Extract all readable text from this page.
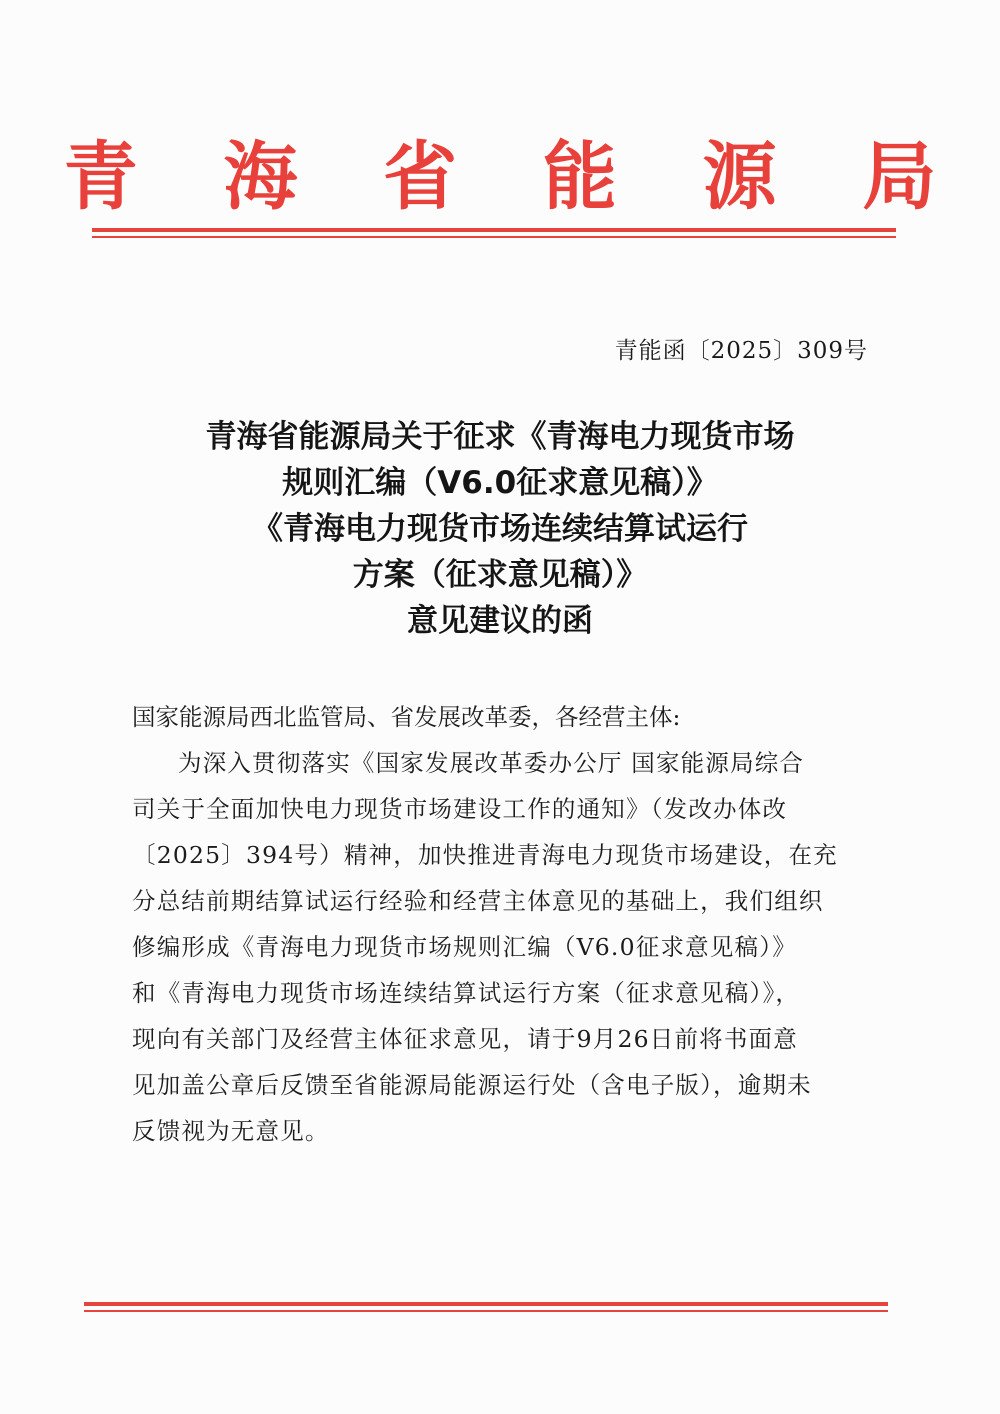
青 海 省 能 源 局
青能函〔2025〕309号
青海省能源局关于征求《青海电力现货市场
规则汇编（V6.0征求意见稿）》
《青海电力现货市场连续结算试运行
方案（征求意见稿）》
意见建议的函
国家能源局西北监管局、省发展改革委，各经营主体:
为深入贯彻落实《国家发展改革委办公厅 国家能源局综合
司关于全面加快电力现货市场建设工作的通知》（发改办体改
〔2025〕394号）精神，加快推进青海电力现货市场建设，在充
分总结前期结算试运行经验和经营主体意见的基础上，我们组织
修编形成《青海电力现货市场规则汇编（V6.0征求意见稿）》
和《青海电力现货市场连续结算试运行方案（征求意见稿）》，
现向有关部门及经营主体征求意见，请于9月26日前将书面意
见加盖公章后反馈至省能源局能源运行处（含电子版），逾期未
反馈视为无意见。
